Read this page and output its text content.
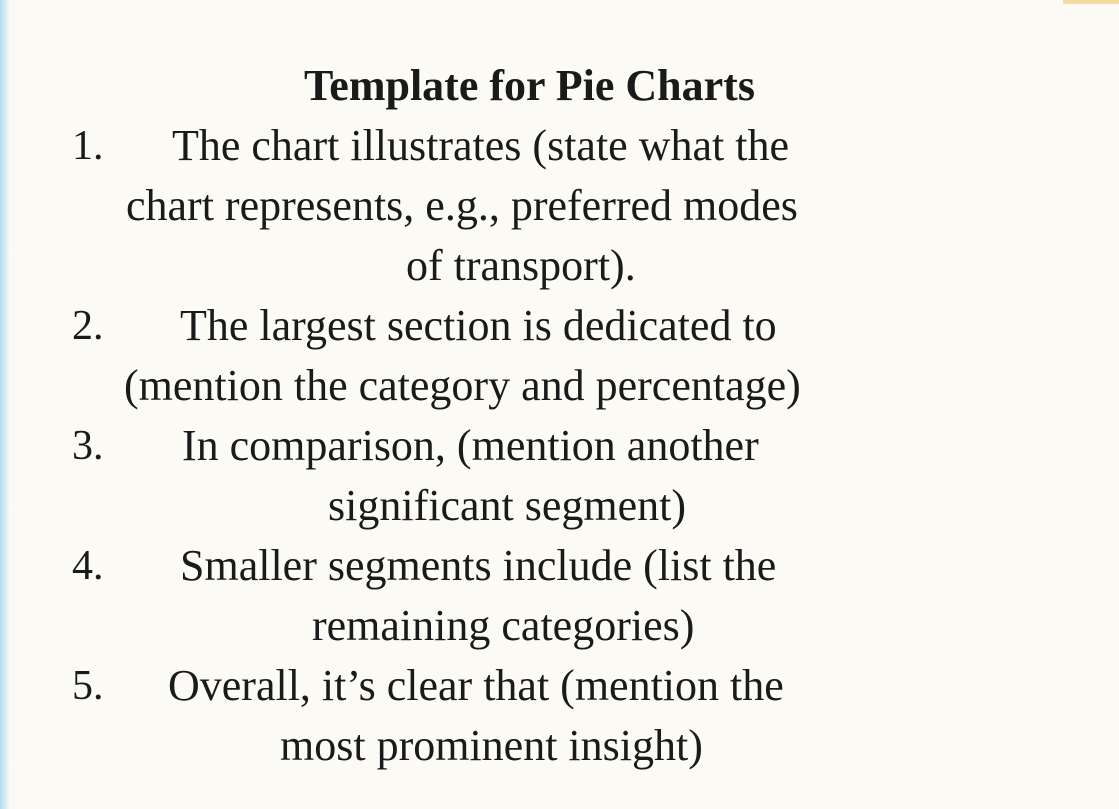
Template for Pie Charts
1. The chart illustrates (state what the
chart represents, e.g., preferred modes
of transport).
2. The largest section is dedicated to
(mention the category and percentage)
3. In comparison, (mention another
significant segment)
4. Smaller segments include (list the
remaining categories)
5. Overall, it’s clear that (mention the
most prominent insight)
